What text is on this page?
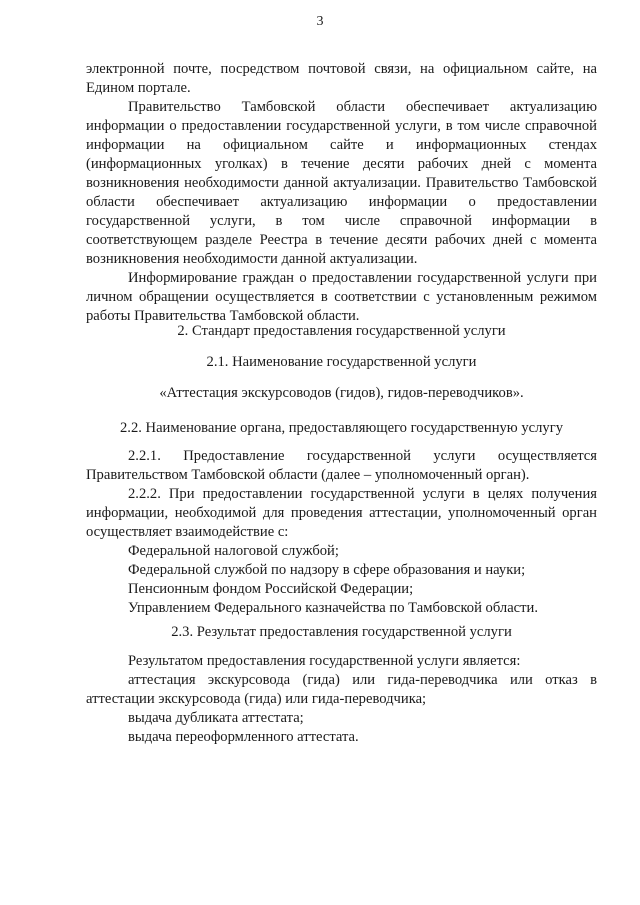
3

электронной почте, посредством почтовой связи, на официальном сайте, на Едином портале.

Правительство Тамбовской области обеспечивает актуализацию информации о предоставлении государственной услуги, в том числе справочной информации на официальном сайте и информационных стендах (информационных уголках) в течение десяти рабочих дней с момента возникновения необходимости данной актуализации. Правительство Тамбовской области обеспечивает актуализацию информации о предоставлении государственной услуги, в том числе справочной информации в соответствующем разделе Реестра в течение десяти рабочих дней с момента возникновения необходимости данной актуализации.

Информирование граждан о предоставлении государственной услуги при личном обращении осуществляется в соответствии с установленным режимом работы Правительства Тамбовской области.

2. Стандарт предоставления государственной услуги
2.1. Наименование государственной услуги
«Аттестация экскурсоводов (гидов), гидов-переводчиков».
2.2. Наименование органа, предоставляющего государственную услугу

2.2.1. Предоставление государственной услуги осуществляется Правительством Тамбовской области (далее – уполномоченный орган).

2.2.2. При предоставлении государственной услуги в целях получения информации, необходимой для проведения аттестации, уполномоченный орган осуществляет взаимодействие с:

Федеральной налоговой службой;

Федеральной службой по надзору в сфере образования и науки;

Пенсионным фондом Российской Федерации;

Управлением Федерального казначейства по Тамбовской области.

2.3. Результат предоставления государственной услуги

Результатом предоставления государственной услуги является:

аттестация экскурсовода (гида) или гида-переводчика или отказ в аттестации экскурсовода (гида) или гида-переводчика;

выдача дубликата аттестата;

выдача переоформленного аттестата.
